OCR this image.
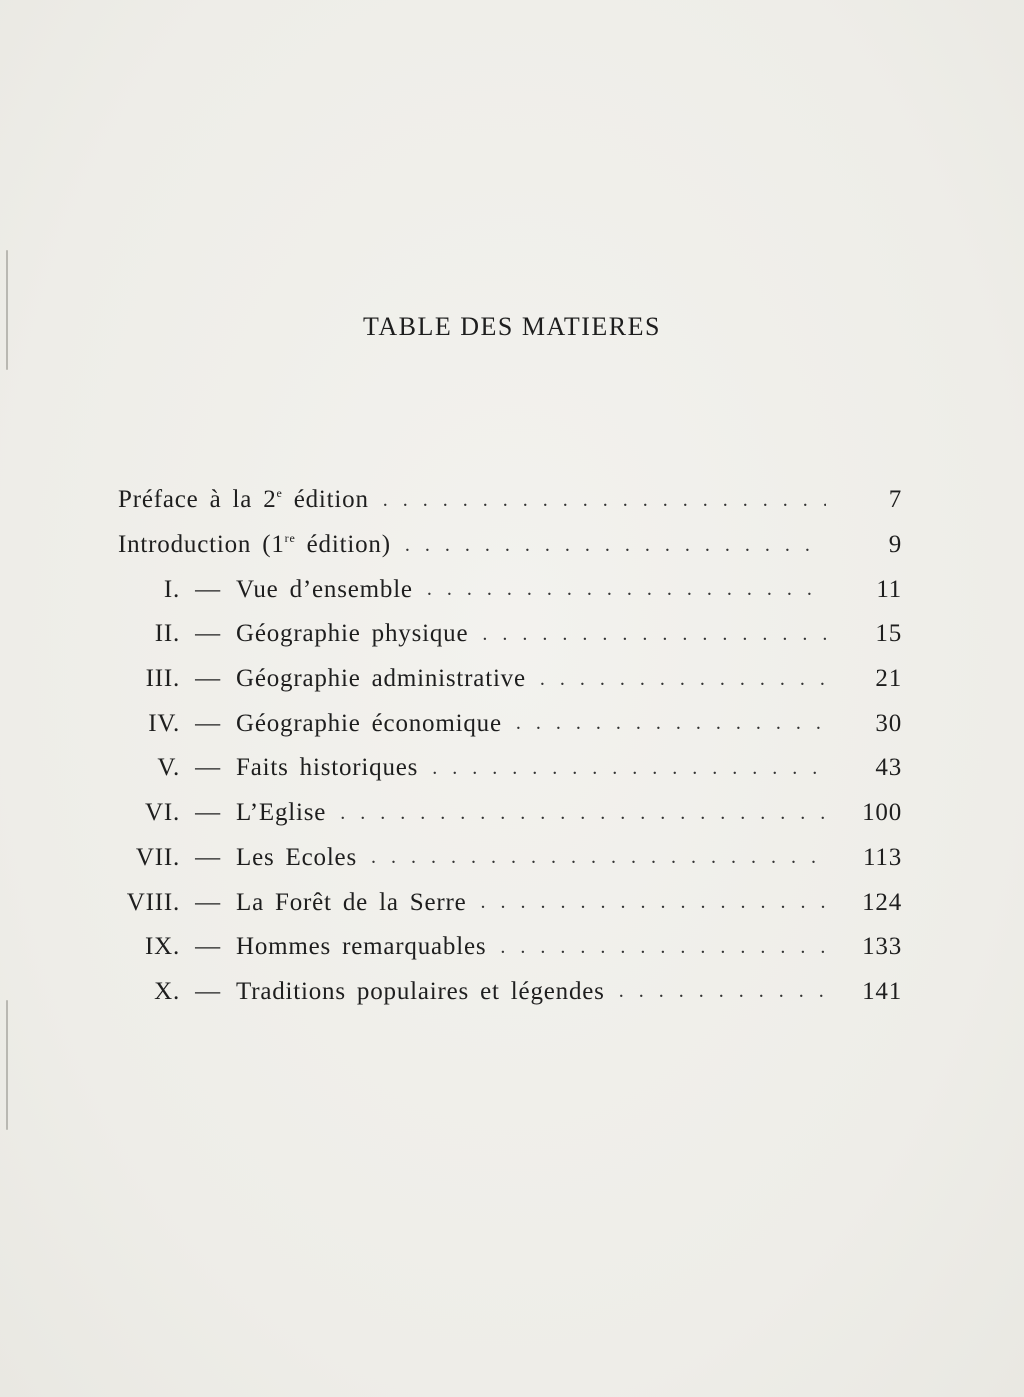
TABLE DES MATIERES
Préface à la 2e édition . . .	7
Introduction (1re édition) . . .	9
I. — Vue d’ensemble . . .	11
II. — Géographie physique . . .	15
III. — Géographie administrative . . .	21
IV. — Géographie économique . . .	30
V. — Faits historiques . . .	43
VI. — L’Eglise . . .	100
VII. — Les Ecoles . . .	113
VIII. — La Forêt de la Serre . . .	124
IX. — Hommes remarquables . . .	133
X. — Traditions populaires et légendes . . .	141
